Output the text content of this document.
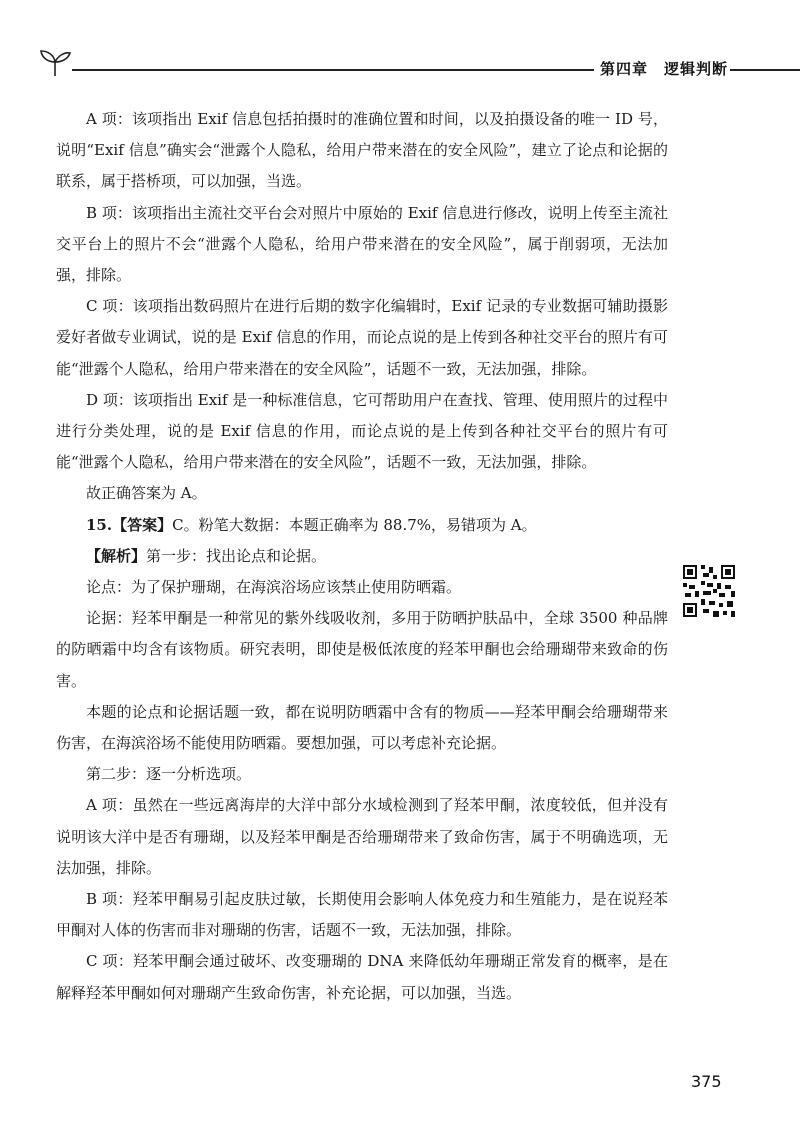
第四章　逻辑判断

A 项：该项指出 Exif 信息包括拍摄时的准确位置和时间，以及拍摄设备的唯一 ID 号，说明“Exif 信息”确实会“泄露个人隐私，给用户带来潜在的安全风险”，建立了论点和论据的联系，属于搭桥项，可以加强，当选。

B 项：该项指出主流社交平台会对照片中原始的 Exif 信息进行修改，说明上传至主流社交平台上的照片不会“泄露个人隐私，给用户带来潜在的安全风险”，属于削弱项，无法加强，排除。

C 项：该项指出数码照片在进行后期的数字化编辑时，Exif 记录的专业数据可辅助摄影爱好者做专业调试，说的是 Exif 信息的作用，而论点说的是上传到各种社交平台的照片有可能“泄露个人隐私，给用户带来潜在的安全风险”，话题不一致，无法加强，排除。

D 项：该项指出 Exif 是一种标准信息，它可帮助用户在查找、管理、使用照片的过程中进行分类处理，说的是 Exif 信息的作用，而论点说的是上传到各种社交平台的照片有可能“泄露个人隐私，给用户带来潜在的安全风险”，话题不一致，无法加强，排除。

故正确答案为 A。

15.【答案】C。粉笔大数据：本题正确率为 88.7%，易错项为 A。

【解析】第一步：找出论点和论据。

论点：为了保护珊瑚，在海滨浴场应该禁止使用防晒霜。

论据：羟苯甲酮是一种常见的紫外线吸收剂，多用于防晒护肤品中，全球 3500 种品牌的防晒霜中均含有该物质。研究表明，即使是极低浓度的羟苯甲酮也会给珊瑚带来致命的伤害。

本题的论点和论据话题一致，都在说明防晒霜中含有的物质——羟苯甲酮会给珊瑚带来伤害，在海滨浴场不能使用防晒霜。要想加强，可以考虑补充论据。

第二步：逐一分析选项。

A 项：虽然在一些远离海岸的大洋中部分水域检测到了羟苯甲酮，浓度较低，但并没有说明该大洋中是否有珊瑚，以及羟苯甲酮是否给珊瑚带来了致命伤害，属于不明确选项，无法加强，排除。

B 项：羟苯甲酮易引起皮肤过敏，长期使用会影响人体免疫力和生殖能力，是在说羟苯甲酮对人体的伤害而非对珊瑚的伤害，话题不一致，无法加强，排除。

C 项：羟苯甲酮会通过破坏、改变珊瑚的 DNA 来降低幼年珊瑚正常发育的概率，是在解释羟苯甲酮如何对珊瑚产生致命伤害，补充论据，可以加强，当选。

375
